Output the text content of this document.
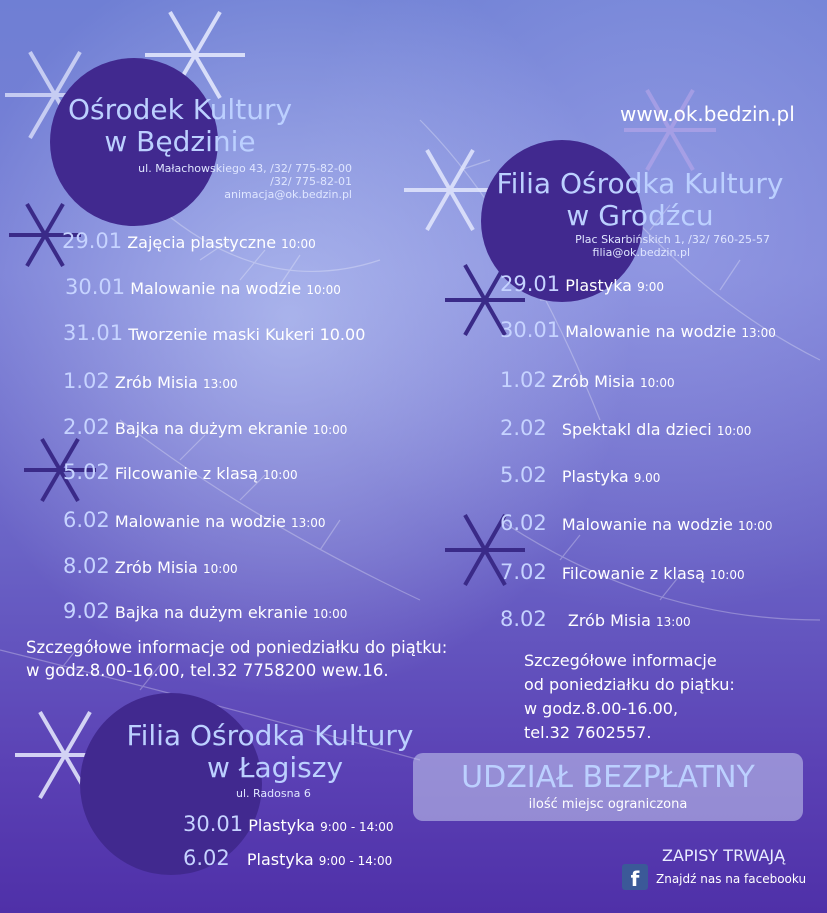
www.ok.bedzin.pl
Ośrodek Kultury
w Będzinie
ul. Małachowskiego 43, /32/ 775-82-00
/32/ 775-82-01
animacja@ok.bedzin.pl
29.01 Zajęcia plastyczne 10:00
30.01 Malowanie na wodzie 10:00
31.01 Tworzenie maski Kukeri 10.00
1.02 Zrób Misia 13:00
2.02 Bajka na dużym ekranie 10:00
5.02 Filcowanie z klasą 10:00
6.02 Malowanie na wodzie 13:00
8.02 Zrób Misia 10:00
9.02 Bajka na dużym ekranie 10:00
Szczegółowe informacje od poniedziałku do piątku:
w godz.8.00-16.00, tel.32 7758200 wew.16.
Filia Ośrodka Kultury
w Grodźcu
Plac Skarbińskich 1, /32/ 760-25-57
filia@ok.bedzin.pl
29.01 Plastyka 9:00
30.01 Malowanie na wodzie 13:00
1.02 Zrób Misia 10:00
2.02 Spektakl dla dzieci 10:00
5.02 Plastyka 9.00
6.02 Malowanie na wodzie 10:00
7.02 Filcowanie z klasą 10:00
8.02 Zrób Misia 13:00
Szczegółowe informacje
od poniedziałku do piątku:
w godz.8.00-16.00,
tel.32 7602557.
Filia Ośrodka Kultury
w Łagiszy
ul. Radosna 6
30.01 Plastyka 9:00 - 14:00
6.02 Plastyka 9:00 - 14:00
UDZIAŁ BEZPŁATNY
ilość miejsc ograniczona
ZAPISY TRWAJĄ
f	Znajdź nas na facebooku
